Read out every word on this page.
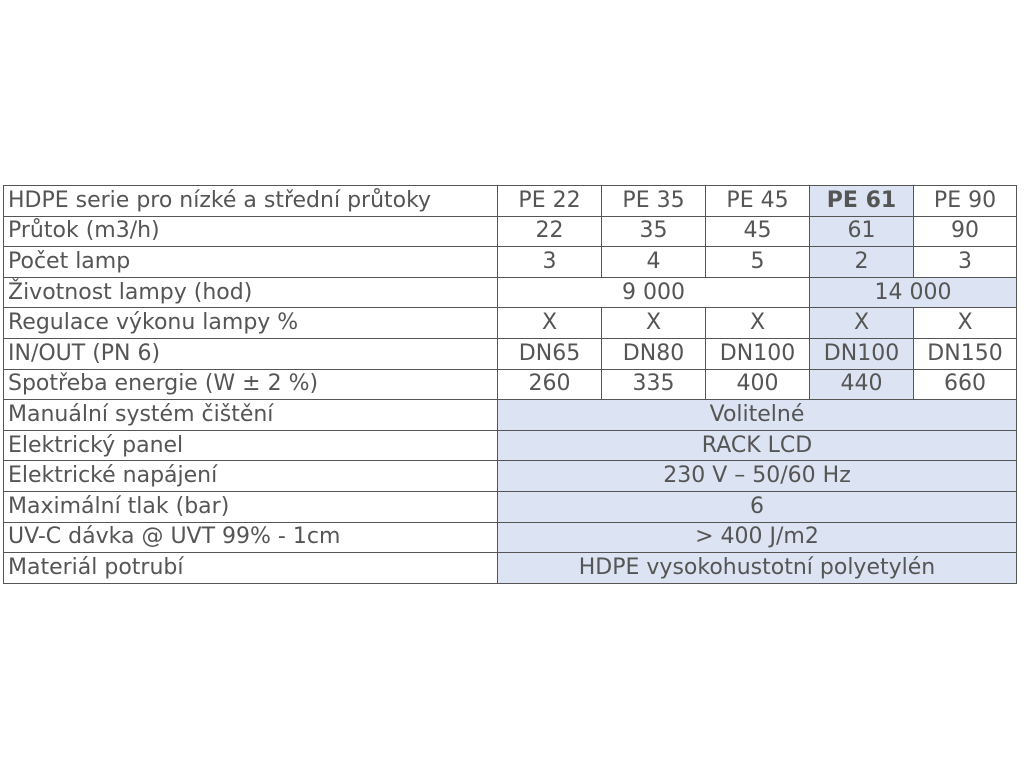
HDPE serie pro nízké a střední průtoky	PE 22	PE 35	PE 45	PE 61	PE 90
Průtok (m3/h)	22	35	45	61	90
Počet lamp	3	4	5	2	3
Životnost lampy (hod)	9 000			14 000	
Regulace výkonu lampy %	X	X	X	X	X
IN/OUT (PN 6)	DN65	DN80	DN100	DN100	DN150
Spotřeba energie (W ± 2 %)	260	335	400	440	660
Manuální systém čištění	Volitelné				
Elektrický panel	RACK LCD				
Elektrické napájení	230 V – 50/60 Hz				
Maximální tlak (bar)	6				
UV-C dávka @ UVT 99% - 1cm	> 400 J/m2				
Materiál potrubí	HDPE vysokohustotní polyetylén				
